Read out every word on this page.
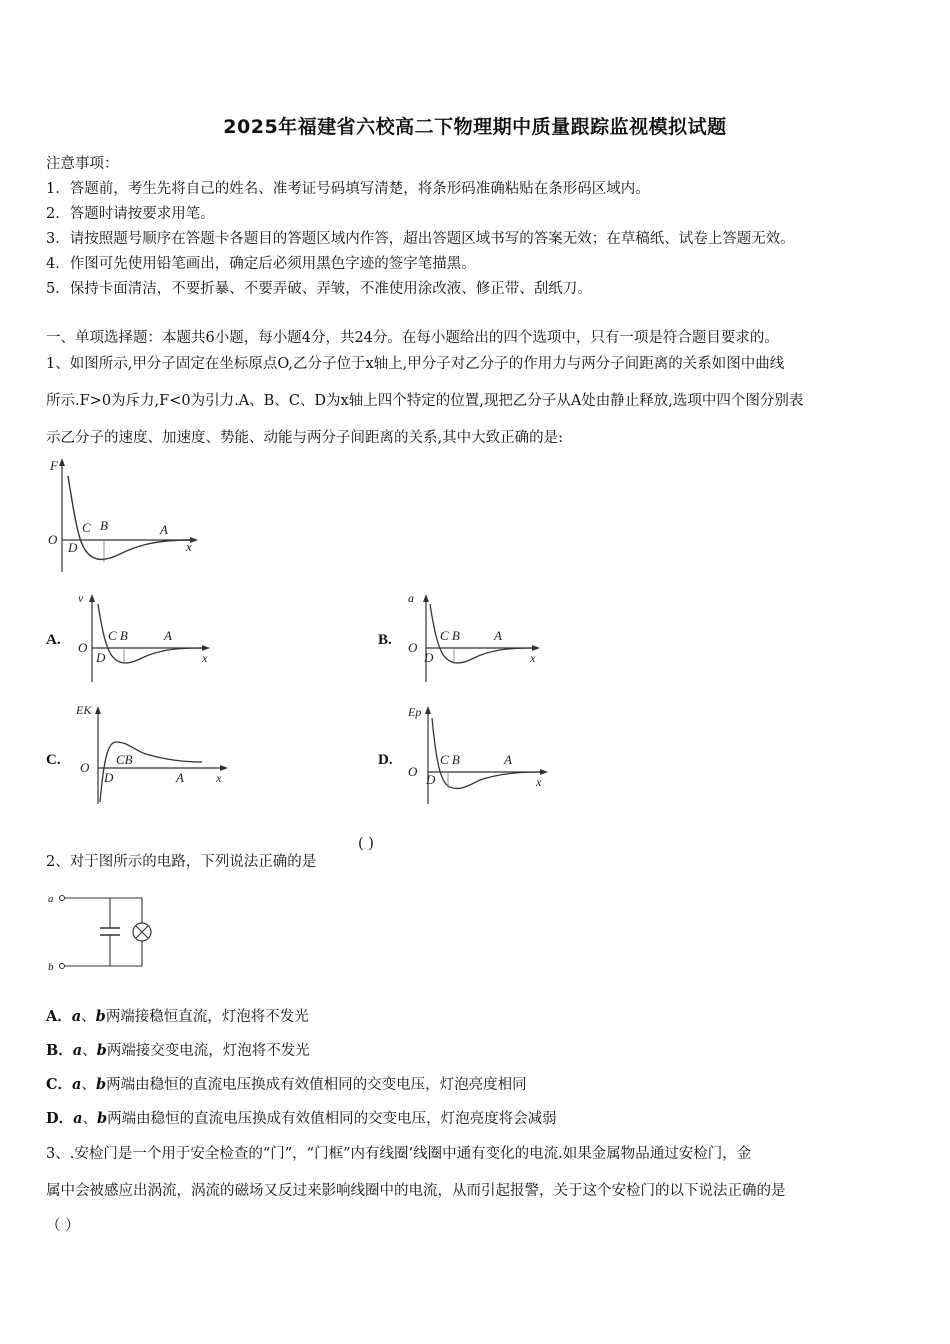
2025年福建省六校高二下物理期中质量跟踪监视模拟试题
注意事项：
1．答题前，考生先将自己的姓名、准考证号码填写清楚，将条形码准确粘贴在条形码区域内。
2．答题时请按要求用笔。
3．请按照题号顺序在答题卡各题目的答题区域内作答，超出答题区域书写的答案无效；在草稿纸、试卷上答题无效。
4．作图可先使用铅笔画出，确定后必须用黑色字迹的签字笔描黑。
5．保持卡面清洁，不要折暴、不要弄破、弄皱，不准使用涂改液、修正带、刮纸刀。
一、单项选择题：本题共6小题，每小题4分，共24分。在每小题给出的四个选项中，只有一项是符合题目要求的。
1、如图所示,甲分子固定在坐标原点O,乙分子位于x轴上,甲分子对乙分子的作用力与两分子间距离的关系如图中曲线
所示.F>0为斥力,F<0为引力.A、B、C、D为x轴上四个特定的位置,现把乙分子从A处由静止释放,选项中四个图分别表
示乙分子的速度、加速度、势能、动能与两分子间距离的关系,其中大致正确的是:
F
O	x
C B	A
D
A.
v
O
x
C B	A
D
B.
a
O
x
C B	A
D
C.
EK
O
x
CB
A
D
D.
Ep
O
x
C B	A
D
2、对于图所示的电路，下列说法正确的是
( )
a
b
A．a、b两端接稳恒直流，灯泡将不发光
B．a、b两端接交变电流，灯泡将不发光
C．a、b两端由稳恒的直流电压换成有效值相同的交变电压，灯泡亮度相同
D．a、b两端由稳恒的直流电压换成有效值相同的交变电压，灯泡亮度将会减弱
3、.安检门是一个用于安全检查的“门”，“门框”内有线圈’线圈中通有变化的电流.如果金属物品通过安检门，金
属中会被感应出涡流，涡流的磁场又反过来影响线圈中的电流，从而引起报警，关于这个安检门的以下说法正确的是
（ ）
